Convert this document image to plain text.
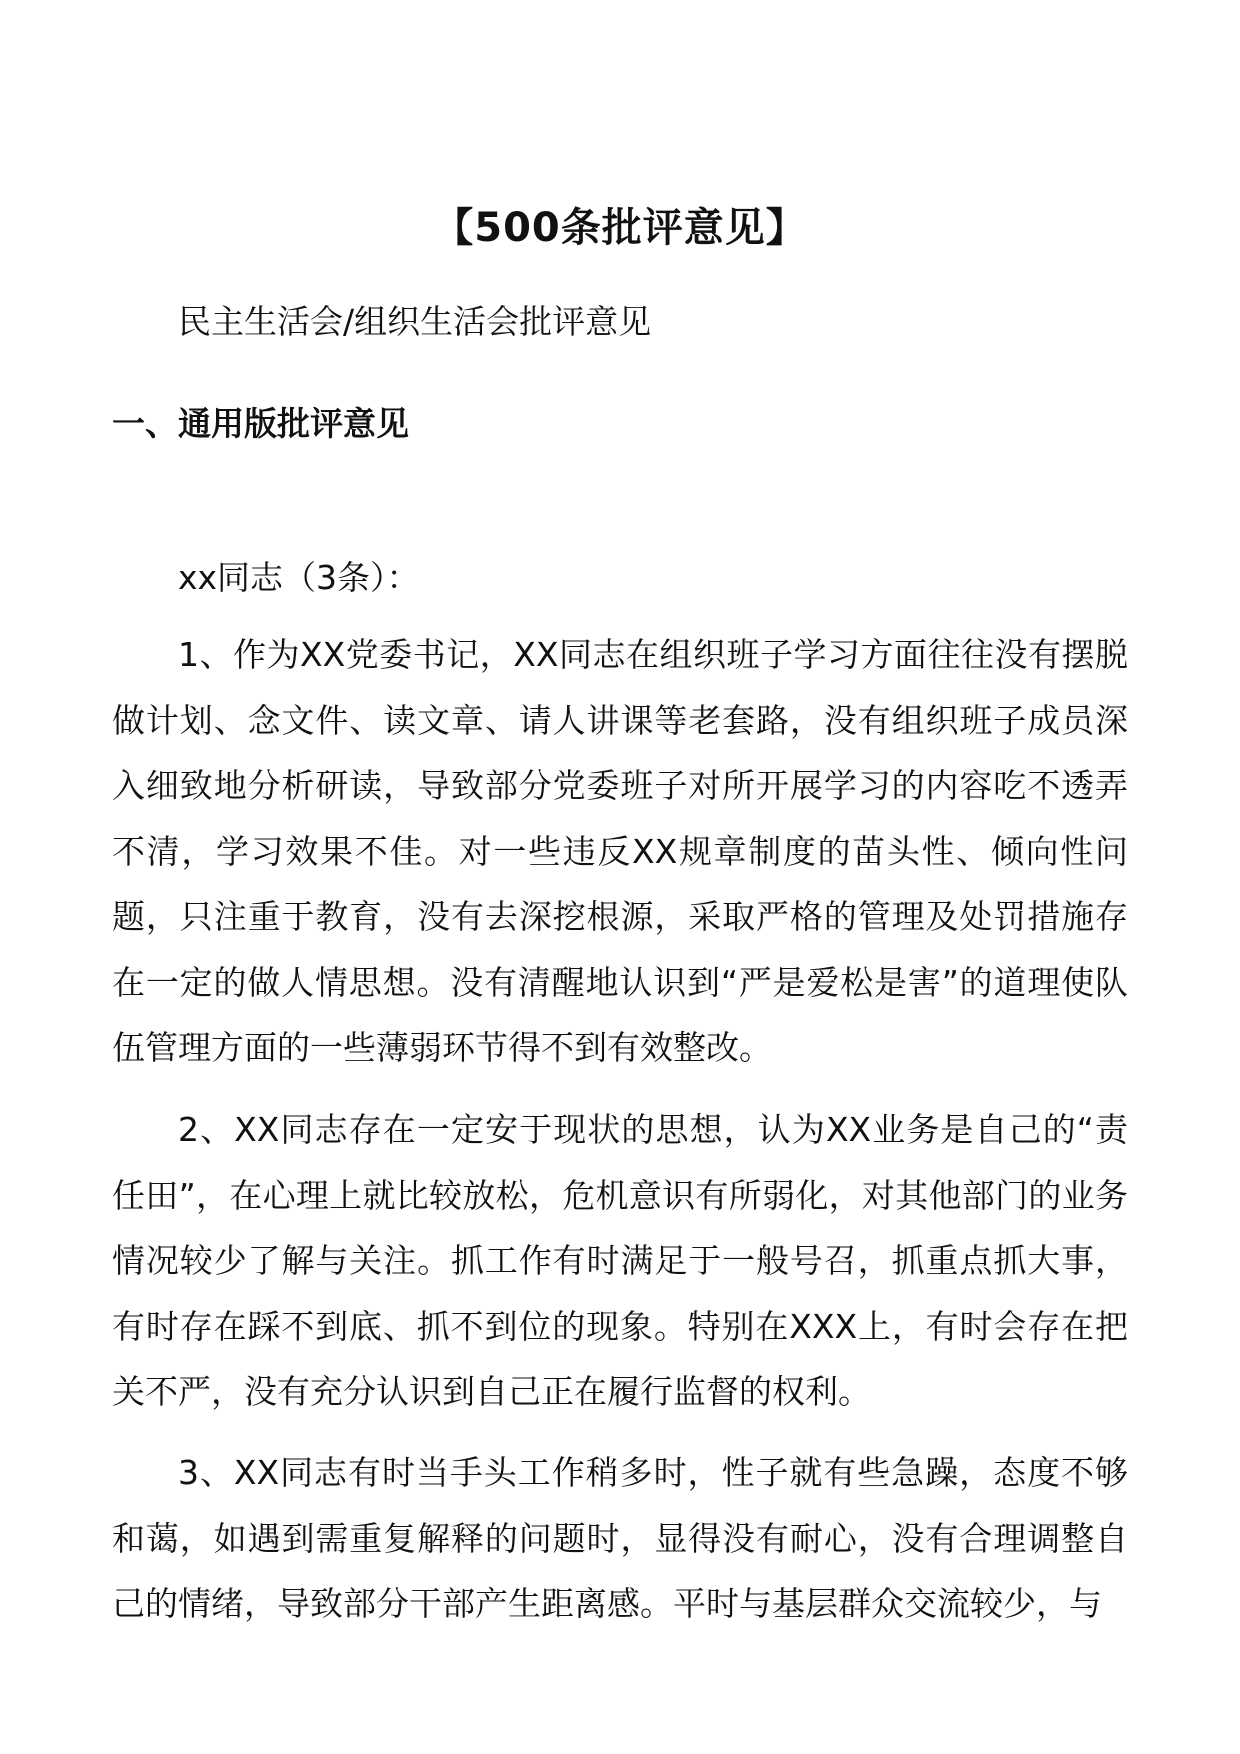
【500条批评意见】

民主生活会/组织生活会批评意见

一、通用版批评意见

xx同志（3条）：

1、作为XX党委书记，XX同志在组织班子学习方面往往没有摆脱做计划、念文件、读文章、请人讲课等老套路，没有组织班子成员深入细致地分析研读，导致部分党委班子对所开展学习的内容吃不透弄不清，学习效果不佳。对一些违反XX规章制度的苗头性、倾向性问题，只注重于教育，没有去深挖根源，采取严格的管理及处罚措施存在一定的做人情思想。没有清醒地认识到“严是爱松是害”的道理使队伍管理方面的一些薄弱环节得不到有效整改。

2、XX同志存在一定安于现状的思想，认为XX业务是自己的“责任田”，在心理上就比较放松，危机意识有所弱化，对其他部门的业务情况较少了解与关注。抓工作有时满足于一般号召，抓重点抓大事，有时存在踩不到底、抓不到位的现象。特别在XXX上，有时会存在把关不严，没有充分认识到自己正在履行监督的权利。

3、XX同志有时当手头工作稍多时，性子就有些急躁，态度不够和蔼，如遇到需重复解释的问题时，显得没有耐心，没有合理调整自己的情绪，导致部分干部产生距离感。平时与基层群众交流较少，与
